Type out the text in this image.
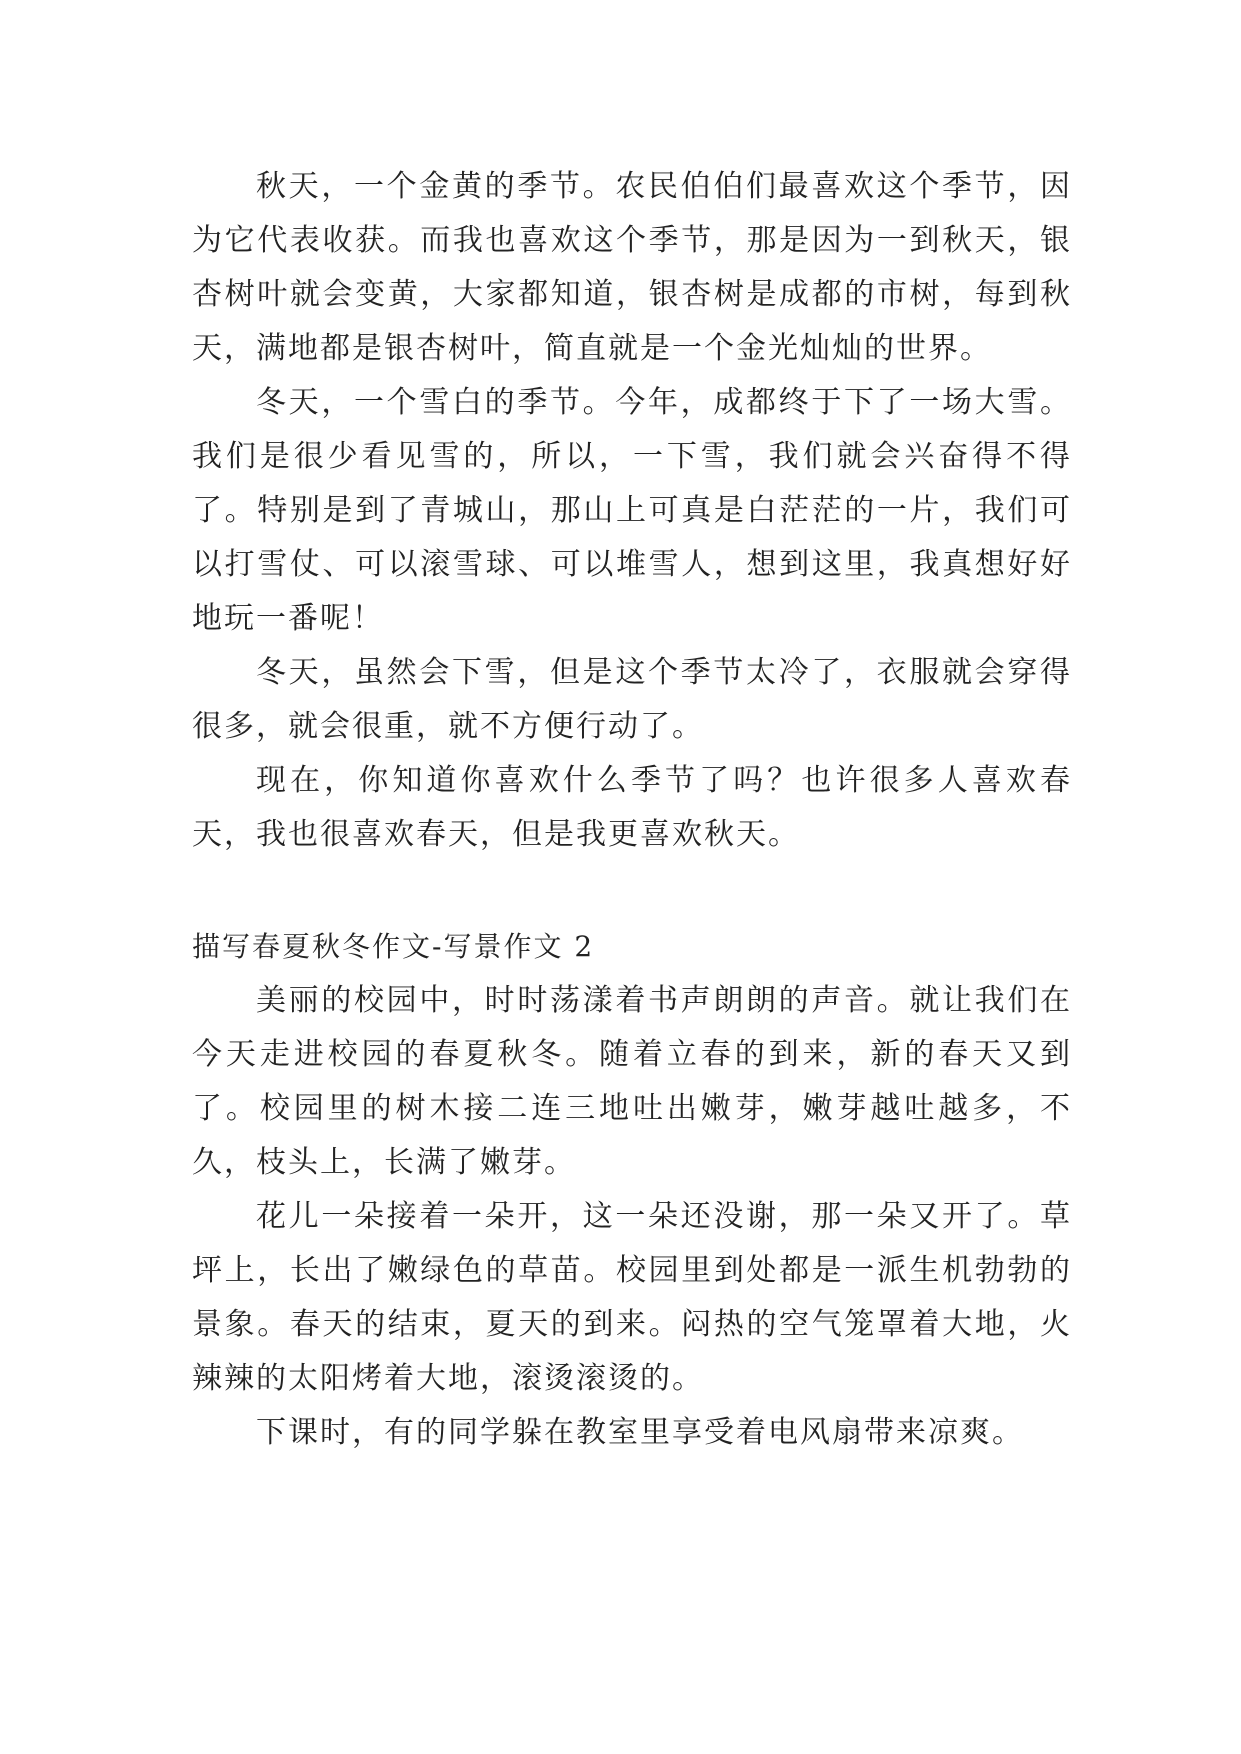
秋天，一个金黄的季节。农民伯伯们最喜欢这个季节，因为它代表收获。而我也喜欢这个季节，那是因为一到秋天，银杏树叶就会变黄，大家都知道，银杏树是成都的市树，每到秋天，满地都是银杏树叶，简直就是一个金光灿灿的世界。

冬天，一个雪白的季节。今年，成都终于下了一场大雪。我们是很少看见雪的，所以，一下雪，我们就会兴奋得不得了。特别是到了青城山，那山上可真是白茫茫的一片，我们可以打雪仗、可以滚雪球、可以堆雪人，想到这里，我真想好好地玩一番呢！

冬天，虽然会下雪，但是这个季节太冷了，衣服就会穿得很多，就会很重，就不方便行动了。

现在，你知道你喜欢什么季节了吗？也许很多人喜欢春天，我也很喜欢春天，但是我更喜欢秋天。

描写春夏秋冬作文-写景作文 2

美丽的校园中，时时荡漾着书声朗朗的声音。就让我们在今天走进校园的春夏秋冬。随着立春的到来，新的春天又到了。校园里的树木接二连三地吐出嫩芽，嫩芽越吐越多，不久，枝头上，长满了嫩芽。

花儿一朵接着一朵开，这一朵还没谢，那一朵又开了。草坪上，长出了嫩绿色的草苗。校园里到处都是一派生机勃勃的景象。春天的结束，夏天的到来。闷热的空气笼罩着大地，火辣辣的太阳烤着大地，滚烫滚烫的。

下课时，有的同学躲在教室里享受着电风扇带来凉爽。
